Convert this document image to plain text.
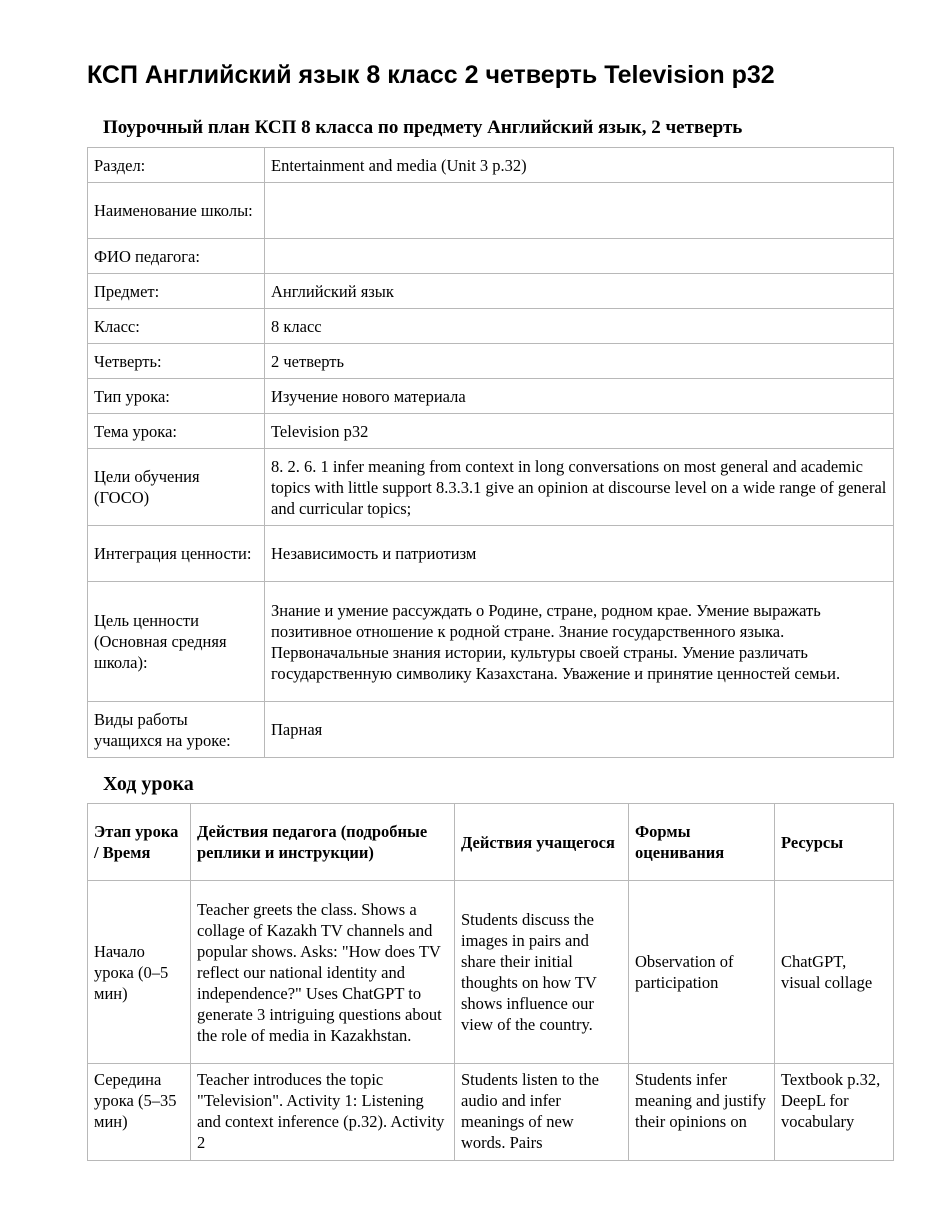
КСП Английский язык 8 класс 2 четверть Television p32
Поурочный план КСП 8 класса по предмету Английский язык, 2 четверть
Раздел:	Entertainment and media (Unit 3 p.32)
Наименование школы:	
ФИО педагога:	
Предмет:	Английский язык
Класс:	8 класс
Четверть:	2 четверть
Тип урока:	Изучение нового материала
Тема урока:	Television p32
Цели обучения (ГОСО)	8. 2. 6. 1 infer meaning from context in long conversations on most general and academic topics with little support 8.3.3.1 give an opinion at discourse level on a wide range of general and curricular topics;
Интеграция ценности:	Независимость и патриотизм
Цель ценности (Основная средняя школа):	Знание и умение рассуждать о Родине, стране, родном крае. Умение выражать позитивное отношение к родной стране. Знание государственного языка. Первоначальные знания истории, культуры своей страны. Умение различать государственную символику Казахстана. Уважение и принятие ценностей семьи.
Виды работы учащихся на уроке:	Парная
Ход урока
Этап урока / Время	Действия педагога (подробные реплики и инструкции)	Действия учащегося	Формы оценивания	Ресурсы
Начало урока (0–5 мин)	Teacher greets the class. Shows a collage of Kazakh TV channels and popular shows. Asks: "How does TV reflect our national identity and independence?" Uses ChatGPT to generate 3 intriguing questions about the role of media in Kazakhstan.	Students discuss the images in pairs and share their initial thoughts on how TV shows influence our view of the country.	Observation of participation	ChatGPT, visual collage
Середина урока (5–35 мин)	Teacher introduces the topic "Television". Activity 1: Listening and context inference (p.32). Activity 2	Students listen to the audio and infer meanings of new words. Pairs	Students infer meaning and justify their opinions on	Textbook p.32, DeepL for vocabulary
